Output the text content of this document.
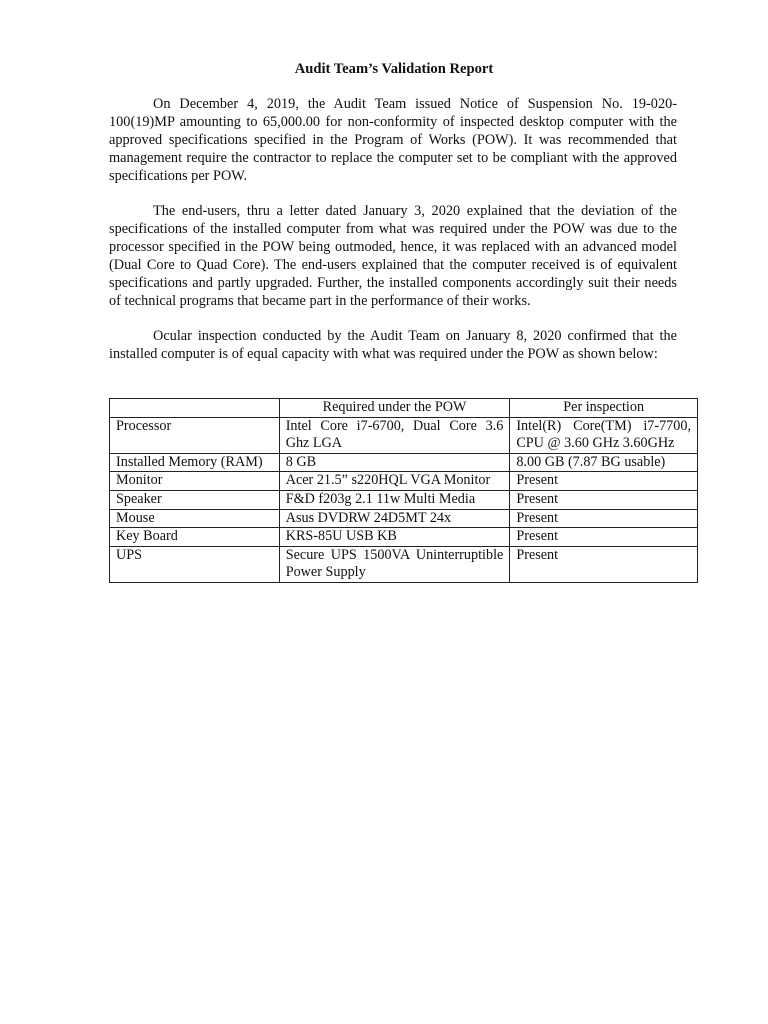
Audit Team’s Validation Report

On December 4, 2019, the Audit Team issued Notice of Suspension No. 19-020-100(19)MP amounting to 65,000.00 for non-conformity of inspected desktop computer with the approved specifications specified in the Program of Works (POW). It was recommended that management require the contractor to replace the computer set to be compliant with the approved specifications per POW.

The end-users, thru a letter dated January 3, 2020 explained that the deviation of the specifications of the installed computer from what was required under the POW was due to the processor specified in the POW being outmoded, hence, it was replaced with an advanced model (Dual Core to Quad Core). The end-users explained that the computer received is of equivalent specifications and partly upgraded. Further, the installed components accordingly suit their needs of technical programs that became part in the performance of their works.

Ocular inspection conducted by the Audit Team on January 8, 2020 confirmed that the installed computer is of equal capacity with what was required under the POW as shown below:

	Required under the POW	Per inspection
Processor	Intel Core i7-6700, Dual Core 3.6 Ghz LGA	Intel(R) Core(TM) i7-7700, CPU @ 3.60 GHz 3.60GHz
Installed Memory (RAM)	8 GB	8.00 GB (7.87 BG usable)
Monitor	Acer 21.5” s220HQL VGA Monitor	Present
Speaker	F&D f203g 2.1 11w Multi Media	Present
Mouse	Asus DVDRW 24D5MT 24x	Present
Key Board	KRS-85U USB KB	Present
UPS	Secure UPS 1500VA Uninterruptible Power Supply	Present
